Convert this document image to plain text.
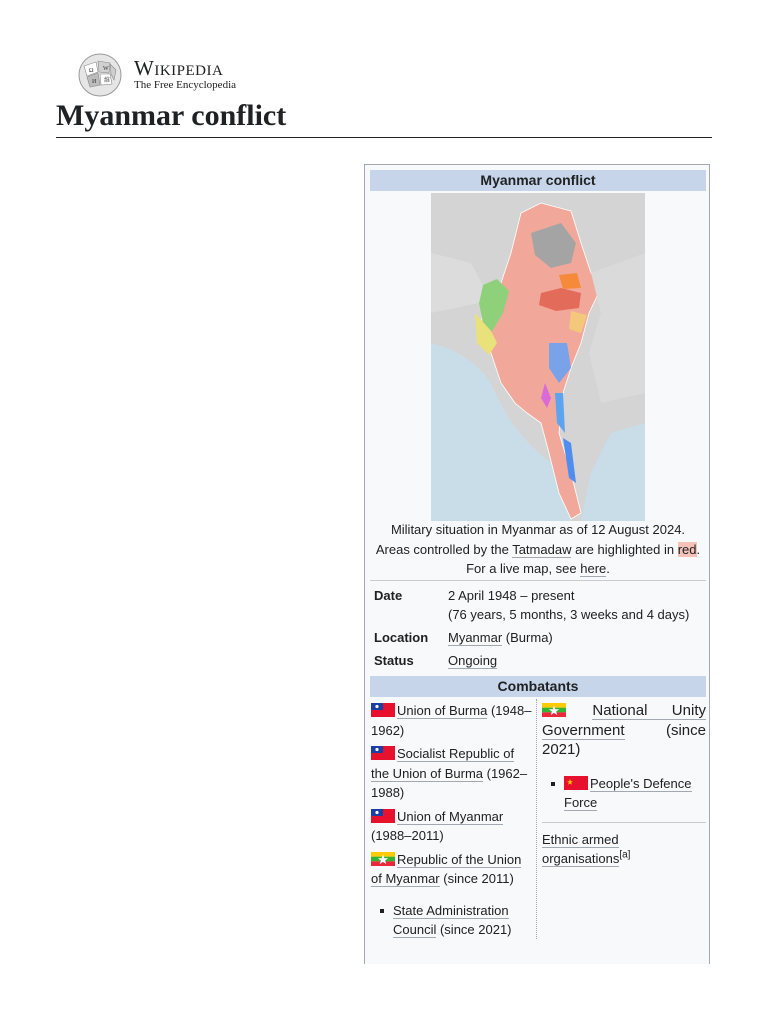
Ω W
И 維
Wikipedia
The Free Encyclopedia
Myanmar conflict
Myanmar conflict
Military situation in Myanmar as of 12 August 2024. Areas controlled by the Tatmadaw are highlighted in red. For a live map, see here.
Date	2 April 1948 – present
(76 years, 5 months, 3 weeks and 4 days)
Location Myanmar (Burma)
Status	Ongoing
Combatants
Union of Burma (1948–1962)
Socialist Republic of the Union of Burma (1962–1988)
Union of Myanmar (1988–2011)
Republic of the Union of Myanmar (since 2011)
State Administration Council (since 2021)
National Unity Government (since 2021)
People's Defence Force
Ethnic armed organisations[a]
